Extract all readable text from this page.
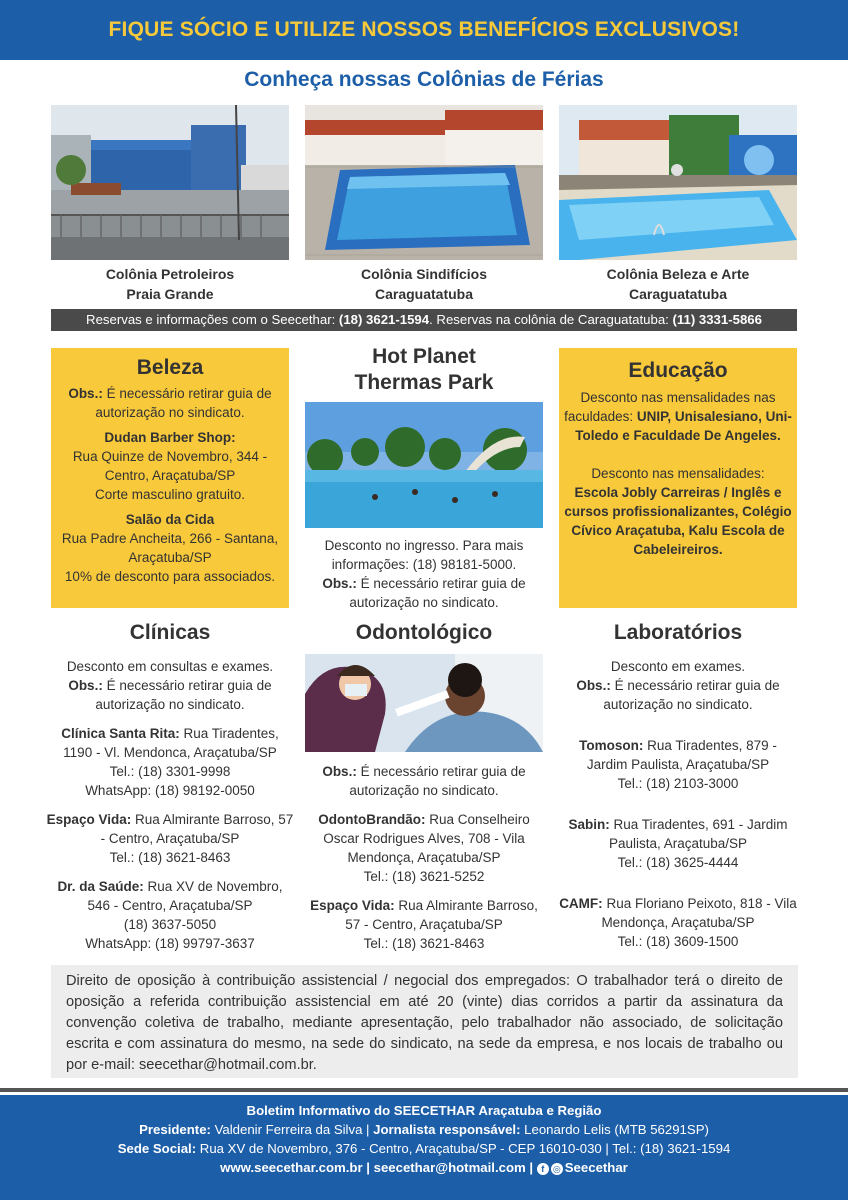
FIQUE SÓCIO E UTILIZE NOSSOS BENEFÍCIOS EXCLUSIVOS!
Conheça nossas Colônias de Férias
Colônia Petroleiros
Praia Grande
Colônia Sindifícios
Caraguatatuba
Colônia Beleza e Arte
Caraguatatuba
Reservas e informações com o Seecethar: (18) 3621-1594. Reservas na colônia de Caraguatatuba: (11) 3331-5866
Beleza
Obs.: É necessário retirar guia de autorização no sindicato.
Dudan Barber Shop:
Rua Quinze de Novembro, 344 - Centro, Araçatuba/SP
Corte masculino gratuito.
Salão da Cida
Rua Padre Ancheita, 266 - Santana, Araçatuba/SP
10% de desconto para associados.
Hot Planet
Thermas Park
Desconto no ingresso. Para mais informações: (18) 98181-5000.
Obs.: É necessário retirar guia de autorização no sindicato.
Educação
Desconto nas mensalidades nas faculdades: UNIP, Unisalesiano, Uni-Toledo e Faculdade De Angeles.
Desconto nas mensalidades:
Escola Jobly Carreiras / Inglês e cursos profissionalizantes, Colégio Cívico Araçatuba, Kalu Escola de Cabeleireiros.
Clínicas
Desconto em consultas e exames.
Obs.: É necessário retirar guia de autorização no sindicato.
Clínica Santa Rita: Rua Tiradentes, 1190 - Vl. Mendonca, Araçatuba/SP
Tel.: (18) 3301-9998
WhatsApp: (18) 98192-0050
Espaço Vida: Rua Almirante Barroso, 57 - Centro, Araçatuba/SP
Tel.: (18) 3621-8463
Dr. da Saúde: Rua XV de Novembro, 546 - Centro, Araçatuba/SP
(18) 3637-5050
WhatsApp: (18) 99797-3637
Odontológico
Obs.: É necessário retirar guia de autorização no sindicato.
OdontoBrandão: Rua Conselheiro Oscar Rodrigues Alves, 708 - Vila Mendonça, Araçatuba/SP
Tel.: (18) 3621-5252
Espaço Vida: Rua Almirante Barroso, 57 - Centro, Araçatuba/SP
Tel.: (18) 3621-8463
Laboratórios
Desconto em exames.
Obs.: É necessário retirar guia de autorização no sindicato.
Tomoson: Rua Tiradentes, 879 - Jardim Paulista, Araçatuba/SP
Tel.: (18) 2103-3000
Sabin: Rua Tiradentes, 691 - Jardim Paulista, Araçatuba/SP
Tel.: (18) 3625-4444
CAMF: Rua Floriano Peixoto, 818 - Vila Mendonça, Araçatuba/SP
Tel.: (18) 3609-1500
Direito de oposição à contribuição assistencial / negocial dos empregados: O trabalhador terá o direito de oposição a referida contribuição assistencial em até 20 (vinte) dias corridos a partir da assinatura da convenção coletiva de trabalho, mediante apresentação, pelo trabalhador não associado, de solicitação escrita e com assinatura do mesmo, na sede do sindicato, na sede da empresa, e nos locais de trabalho ou por e-mail: seecethar@hotmail.com.br.
Boletim Informativo do SEECETHAR Araçatuba e Região
Presidente: Valdenir Ferreira da Silva | Jornalista responsável: Leonardo Lelis (MTB 56291SP)
Sede Social: Rua XV de Novembro, 376 - Centro, Araçatuba/SP - CEP 16010-030 | Tel.: (18) 3621-1594
www.seecethar.com.br | seecethar@hotmail.com | f ◎ Seecethar
